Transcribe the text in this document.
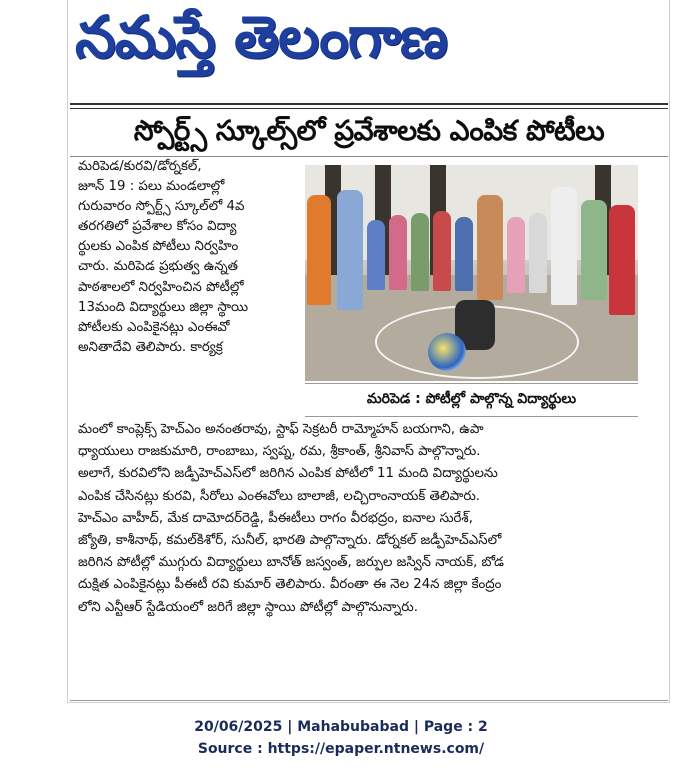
నమస్తే తెలంగాణ
స్పోర్ట్స్ స్కూల్స్‌లో ప్రవేశాలకు ఎంపిక పోటీలు
మరిపెడ/కురవి/డోర్నకల్,
జూన్ 19 : పలు మండలాల్లో
గురువారం స్పోర్ట్స్ స్కూల్‌లో 4వ
తరగతిలో ప్రవేశాల కోసం విద్యా
ర్థులకు ఎంపిక పోటీలు నిర్వహిం
చారు. మరిపెడ ప్రభుత్వ ఉన్నత
పాఠశాలలో నిర్వహించిన పోటీల్లో
13మంది విద్యార్థులు జిల్లా స్థాయి
పోటీలకు ఎంపికైనట్లు ఎంఈవో
అనితాదేవి తెలిపారు. కార్యక్ర
మరిపెడ : పోటీల్లో పాల్గొన్న విద్యార్థులు
మంలో కాంప్లెక్స్ హెచ్‌ఎం అనంతరావు, స్టాఫ్ సెక్రటరీ రామ్మోహన్ బయగాని, ఉపా
ధ్యాయులు రాజకుమారి, రాంబాబు, స్వప్న, రమ, శ్రీకాంత్, శ్రీనివాస్ పాల్గొన్నారు.
అలాగే, కురవిలోని జడ్పీహెచ్‌ఎస్‌లో జరిగిన ఎంపిక పోటీలో 11 మంది విద్యార్థులను
ఎంపిక చేసినట్లు కురవి, సీరోలు ఎంఈవోలు బాలాజీ, లచ్చిరాంనాయక్ తెలిపారు.
హెచ్‌ఎం వాహీద్, మేక దామోదర్‌రెడ్డి, పీఈటీలు రాగం వీరభద్రం, ఐనాల సురేశ్,
జ్యోతి, కాశీనాథ్, కమల్‌కిశోర్, సునీల్, భారతి పాల్గొన్నారు. డోర్నకల్ జడ్పీహెచ్‌ఎస్‌లో
జరిగిన పోటీల్లో ముగ్గురు విద్యార్థులు బానోత్ జస్వంత్, జర్పుల జస్విన్ నాయక్, బోడ
దుక్షిత ఎంపికైనట్లు పీఈటీ రవి కుమార్ తెలిపారు. వీరంతా ఈ నెల 24న జిల్లా కేంద్రం
లోని ఎన్టీఆర్ స్టేడియంలో జరిగే జిల్లా స్థాయి పోటీల్లో పాల్గొనున్నారు.
20/06/2025 | Mahabubabad | Page : 2
Source : https://epaper.ntnews.com/
